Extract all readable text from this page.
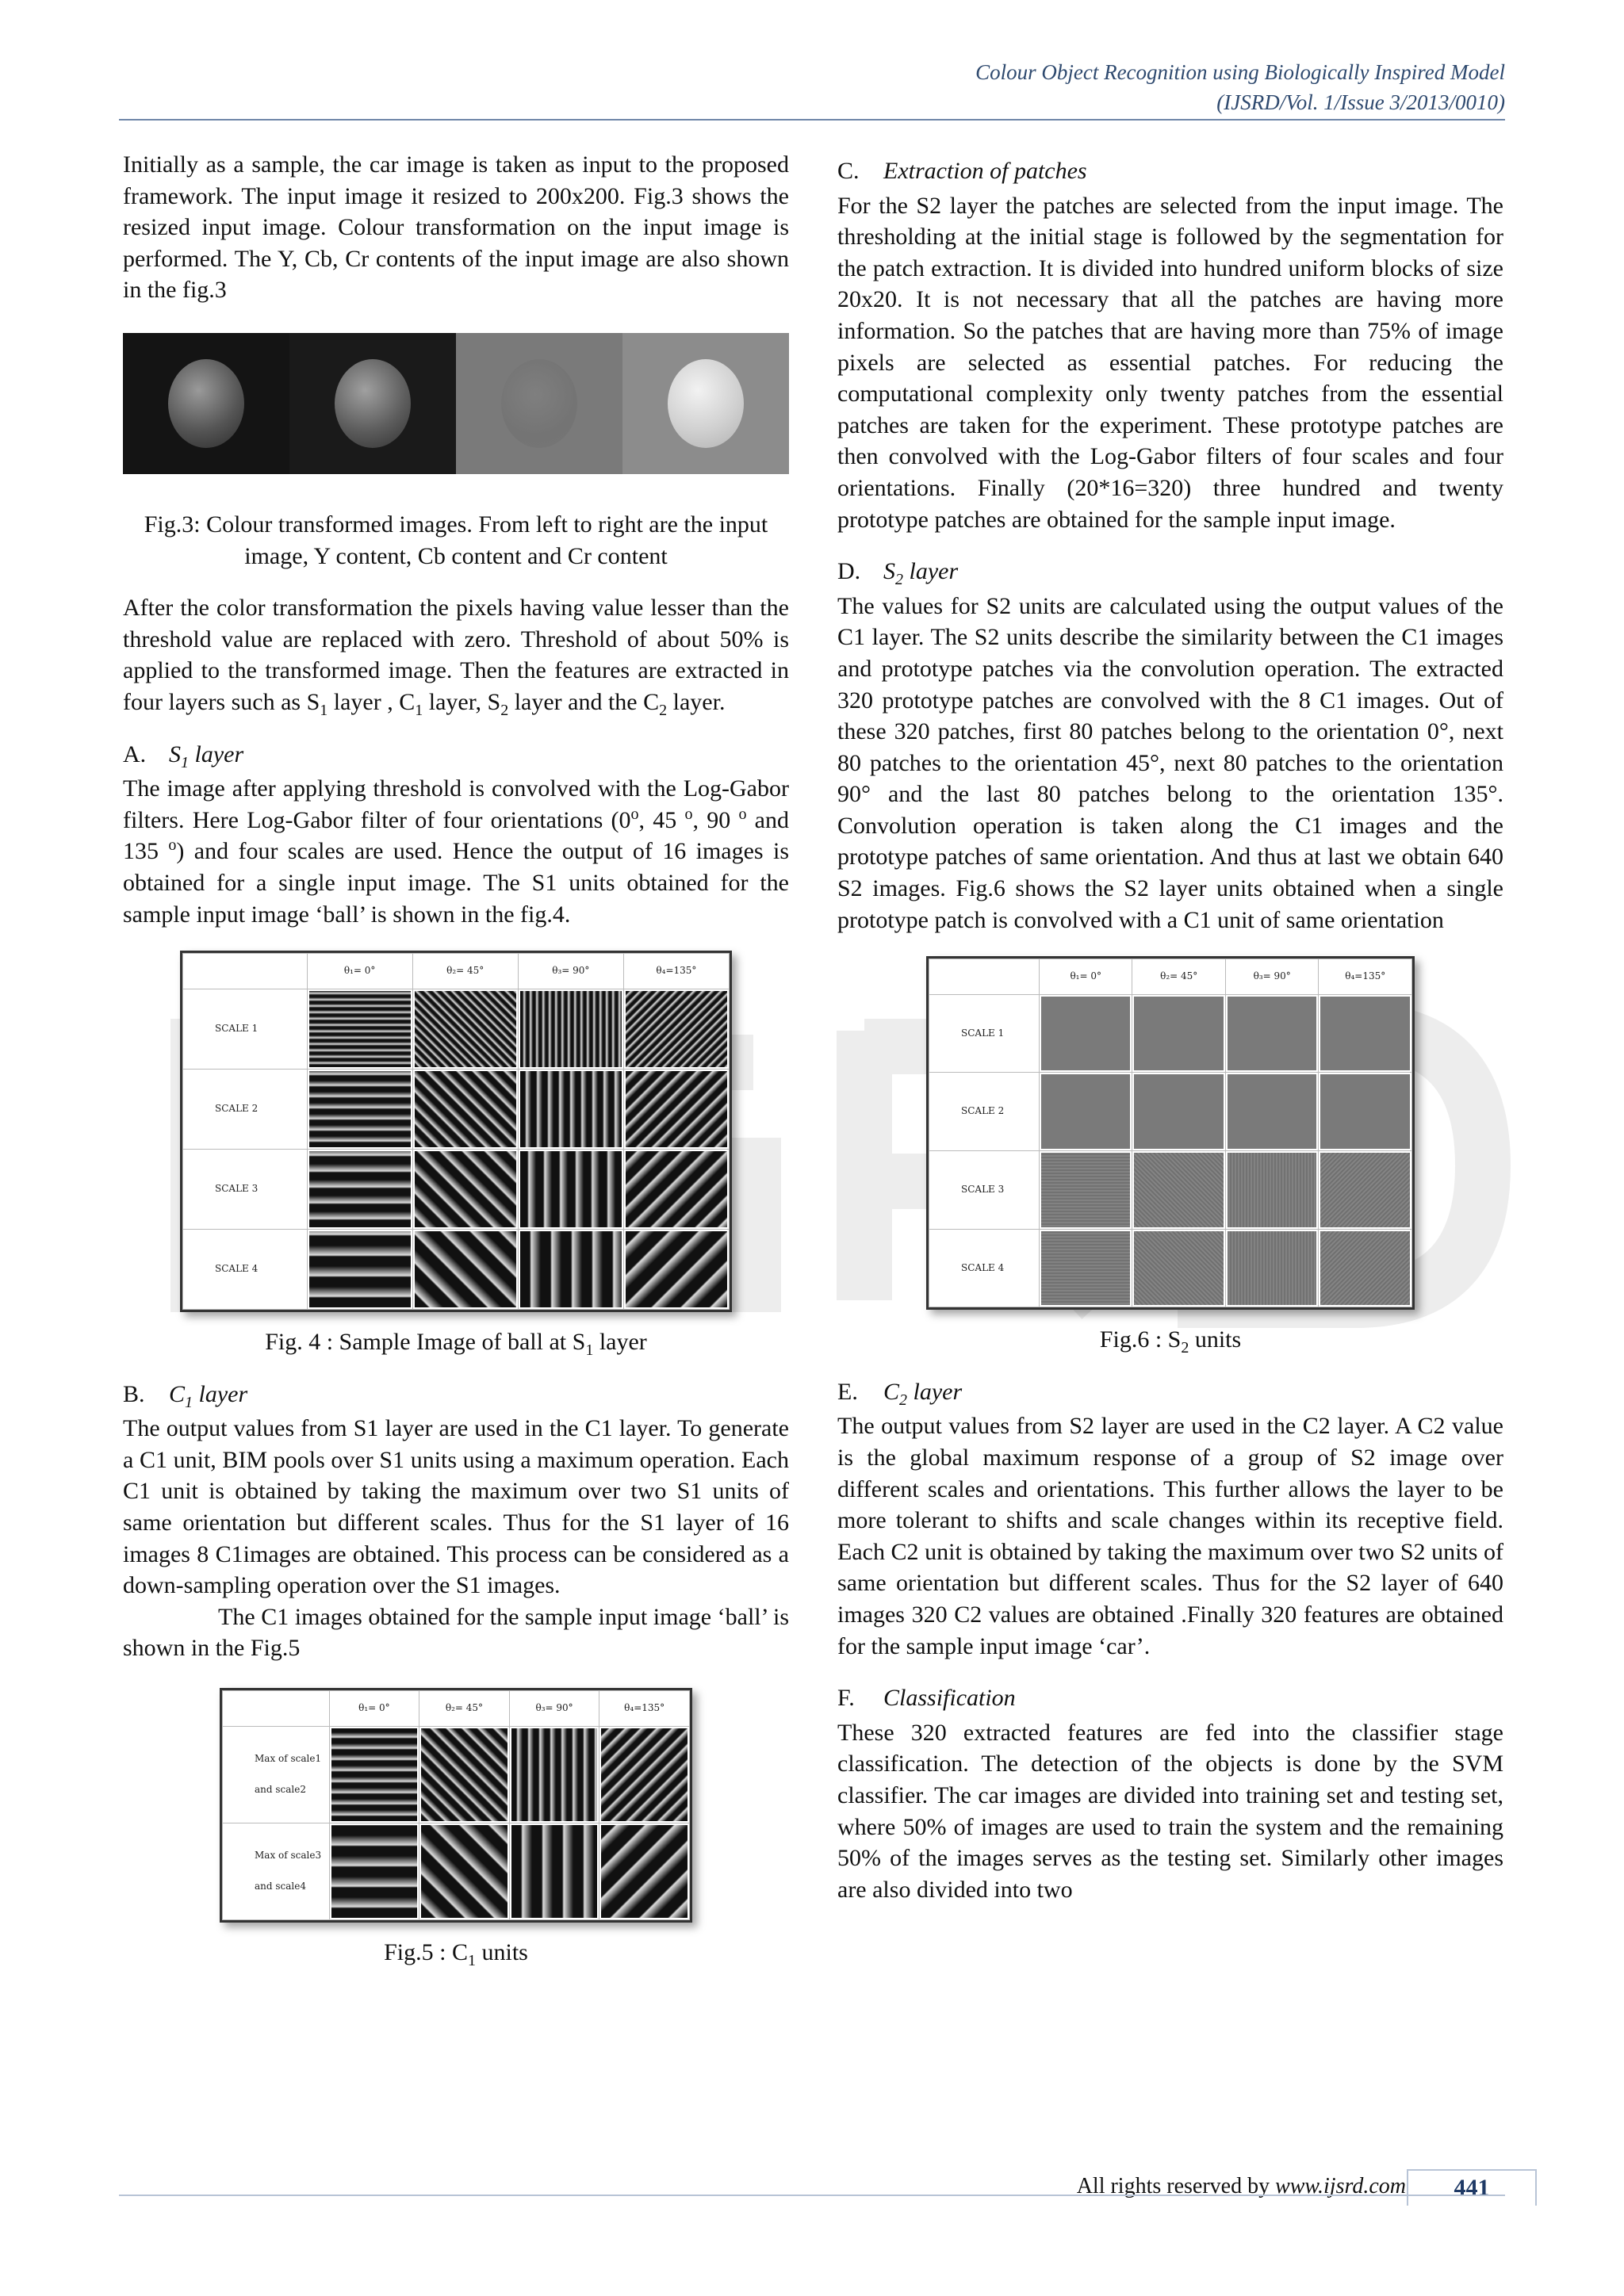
Colour Object Recognition using Biologically Inspired Model
(IJSRD/Vol. 1/Issue 3/2013/0010)

Initially as a sample, the car image is taken as input to the proposed framework. The input image it resized to 200x200. Fig.3 shows the resized input image. Colour transformation on the input image is performed. The Y, Cb, Cr contents of the input image are also shown in the fig.3

Fig.3: Colour transformed images. From left to right are the input image, Y content, Cb content and Cr content

After the color transformation the pixels having value lesser than the threshold value are replaced with zero. Threshold of about 50% is applied to the transformed image. Then the features are extracted in four layers such as $S_1$ layer , $C_1$ layer, $S_2$ layer and the $C_2$ layer.

A. $S_1$ layer

The image after applying threshold is convolved with the Log-Gabor filters. Here Log-Gabor filter of four orientations (0$^o$, 45 $^o$, 90 $^o$ and 135 $^o$) and four scales are used. Hence the output of 16 images is obtained for a single input image. The S1 units obtained for the sample input image ‘ball’ is shown in the fig.4.

	θ₁= 0°	θ₂= 45°	θ₃= 90°	θ₄=135°
SCALE 1	

SCALE 2	

SCALE 3	

SCALE 4	

Fig. 4 : Sample Image of ball at $S_1$ layer
B. $C_1$ layer

The output values from S1 layer are used in the C1 layer. To generate a C1 unit, BIM pools over S1 units using a maximum operation. Each C1 unit is obtained by taking the maximum over two S1 units of same orientation but different scales. Thus for the S1 layer of 16 images 8 C1images are obtained. This process can be considered as a down-sampling operation over the S1 images.

The C1 images obtained for the sample input image ‘ball’ is shown in the Fig.5

	θ₁= 0°	θ₂= 45°	θ₃= 90°	θ₄=135°
Max of scale1 and scale2	

Max of scale3 and scale4	

Fig.5 : $C_1$ units
C. Extraction of patches

For the S2 layer the patches are selected from the input image. The thresholding at the initial stage is followed by the segmentation for the patch extraction. It is divided into hundred uniform blocks of size 20x20. It is not necessary that all the patches are having more information. So the patches that are having more than 75% of image pixels are selected as essential patches. For reducing the computational complexity only twenty patches from the essential patches are taken for the experiment. These prototype patches are then convolved with the Log-Gabor filters of four scales and four orientations. Finally (20*16=320) three hundred and twenty prototype patches are obtained for the sample input image.

D. $S_2$ layer

The values for S2 units are calculated using the output values of the C1 layer. The S2 units describe the similarity between the C1 images and prototype patches via the convolution operation. The extracted 320 prototype patches are convolved with the 8 C1 images. Out of these 320 patches, first 80 patches belong to the orientation 0°, next 80 patches to the orientation 45°, next 80 patches to the orientation 90° and the last 80 patches belong to the orientation 135°. Convolution operation is taken along the C1 images and the prototype patches of same orientation. And thus at last we obtain 640 S2 images. Fig.6 shows the S2 layer units obtained when a single prototype patch is convolved with a C1 unit of same orientation

	θ₁= 0°	θ₂= 45°	θ₃= 90°	θ₄=135°
SCALE 1	

SCALE 2	

SCALE 3	

SCALE 4	

Fig.6 : $S_2$ units
E. $C_2$ layer

The output values from S2 layer are used in the C2 layer. A C2 value is the global maximum response of a group of S2 image over different scales and orientations. This further allows the layer to be more tolerant to shifts and scale changes within its receptive field. Each C2 unit is obtained by taking the maximum over two S2 units of same orientation but different scales. Thus for the S2 layer of 640 images 320 C2 values are obtained .Finally 320 features are obtained for the sample input image ‘car’.

F. Classification

These 320 extracted features are fed into the classifier stage classification. The detection of the objects is done by the SVM classifier. The car images are divided into training set and testing set, where 50% of images are used to train the system and the remaining 50% of the images serves as the testing set. Similarly other images are also divided into two

All rights reserved by www.ijsrd.com	441
